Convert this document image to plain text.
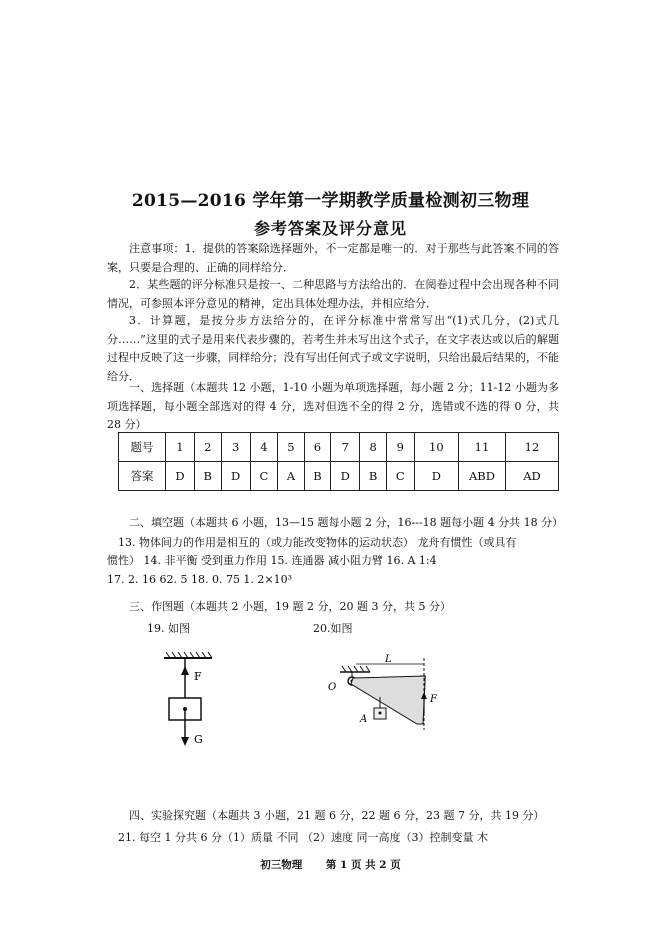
2015—2016 学年第一学期教学质量检测初三物理
参考答案及评分意见
注意事项：1．提供的答案除选择题外，不一定都是唯一的．对于那些与此答案不同的答案，只要是合理的、正确的同样给分．
2．某些题的评分标准只是按一、二种思路与方法给出的．在阅卷过程中会出现各种不同情况，可参照本评分意见的精神，定出具体处理办法，并相应给分．
3．计算题，是按分步方法给分的，在评分标准中常常写出“(1)式几分，(2)式几分……”这里的式子是用来代表步骤的，若考生并未写出这个式子，在文字表达或以后的解题过程中反映了这一步骤，同样给分；没有写出任何式子或文字说明，只给出最后结果的，不能给分．
一、选择题（本题共 12 小题，1-10 小题为单项选择题，每小题 2 分；11-12 小题为多项选择题，每小题全部选对的得 4 分，选对但选不全的得 2 分，选错或不选的得 0 分，共 28 分）
题号	1	2	3	4	5	6	7	8	9	10	11	12
答案	D	B	D	C	A	B	D	B	C	D	ABD	AD
二、填空题（本题共 6 小题，13—15 题每小题 2 分，16---18 题每小题 4 分共 18 分）
13. 物体间力的作用是相互的（或力能改变物体的运动状态） 龙舟有惯性（或具有
惯性） 14. 非平衡 受到重力作用 15. 连通器 减小阻力臂 16. A 1:4
17. 2. 16 62. 5 18. 0. 75 1. 2×10³
三、作图题（本题共 2 小题，19 题 2 分，20 题 3 分，共 5 分）
19. 如图	20.如图
F
G
L
O
F
A
四、实验探究题（本题共 3 小题，21 题 6 分，22 题 6 分，23 题 7 分，共 19 分）
21. 每空 1 分共 6 分（1）质量 不同 （2）速度 同一高度（3）控制变量 木
初三物理 第 1 页 共 2 页
